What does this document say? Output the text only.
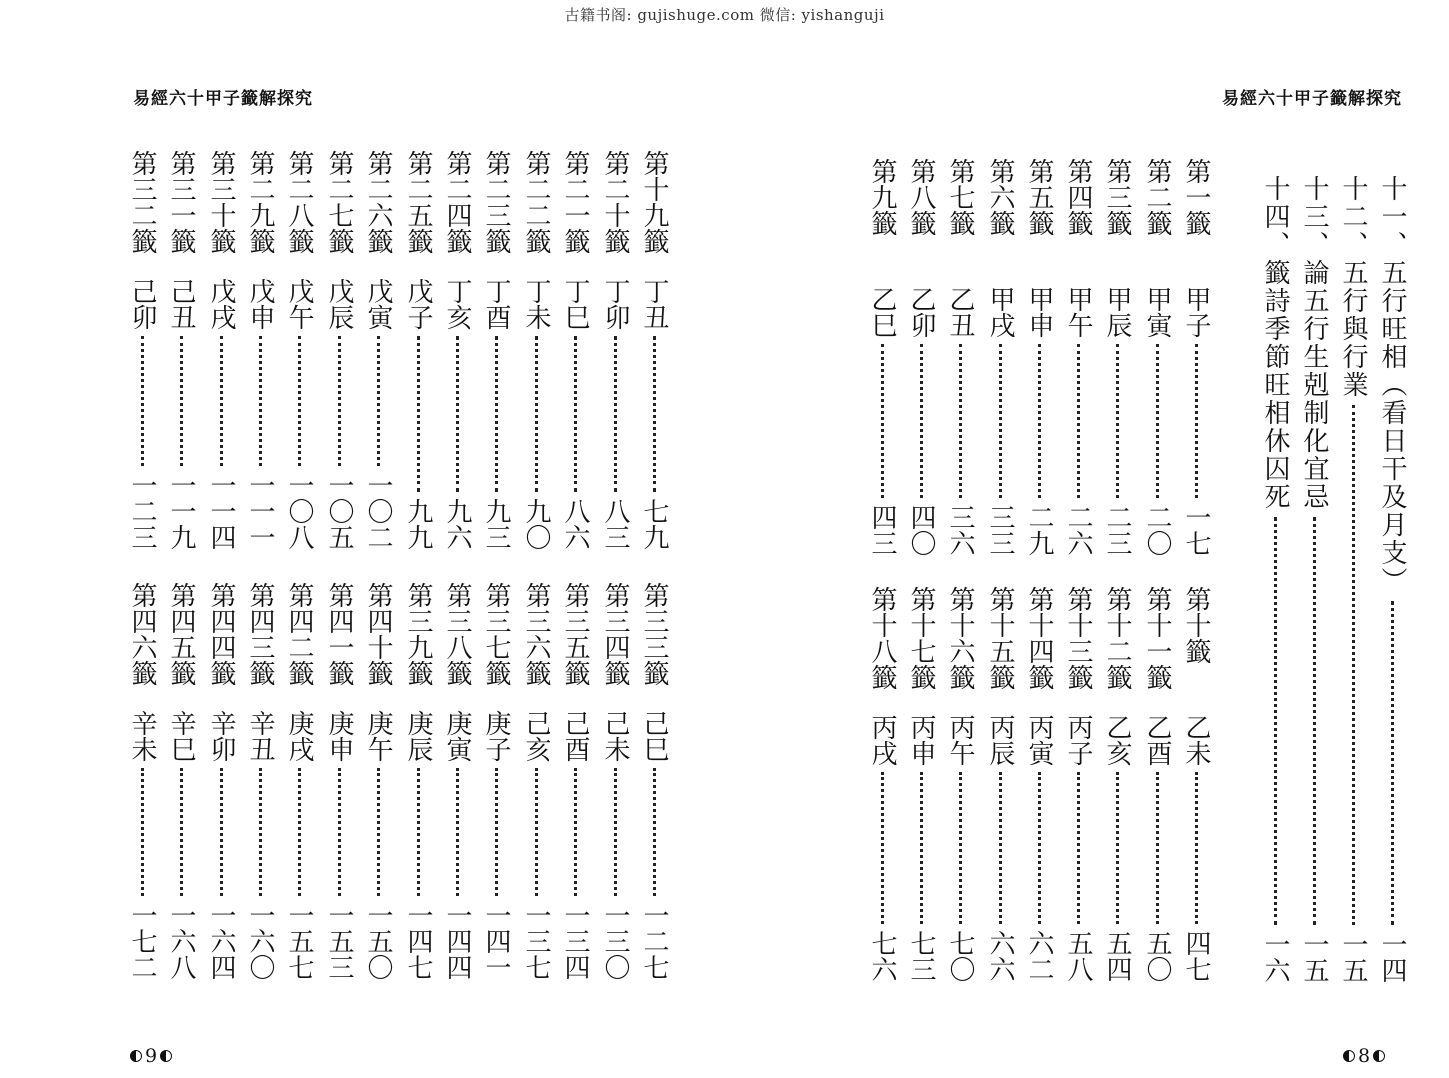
古籍书阁: gujishuge.com 微信: yishanguji
易經六十甲子籤解探究
9
第十九籤
丁丑
七九
第二十籤
丁卯
八三
第二一籤
丁巳
八六
第二二籤
丁未
九〇
第二三籤
丁酉
九三
第二四籤
丁亥
九六
第二五籤
戊子
九九
第二六籤
戊寅
一〇二
第二七籤
戊辰
一〇五
第二八籤
戊午
一〇八
第二九籤
戊申
一一一
第三十籤
戊戌
一一四
第三一籤
己丑
一一九
第三二籤
己卯
一二三
第三三籤
己巳
一二七
第三四籤
己未
一三〇
第三五籤
己酉
一三四
第三六籤
己亥
一三七
第三七籤
庚子
一四一
第三八籤
庚寅
一四四
第三九籤
庚辰
一四七
第四十籤
庚午
一五〇
第四一籤
庚申
一五三
第四二籤
庚戌
一五七
第四三籤
辛丑
一六〇
第四四籤
辛卯
一六四
第四五籤
辛巳
一六八
第四六籤
辛未
一七二
易經六十甲子籤解探究
8
十一、五行旺相（看日干及月支）
一四
十二、五行與行業
一五
十三、論五行生剋制化宜忌
一五
十四、籤詩季節旺相休囚死
一六
第一籤
甲子
一七
第二籤
甲寅
二〇
第三籤
甲辰
二三
第四籤
甲午
二六
第五籤
甲申
二九
第六籤
甲戌
三三
第七籤
乙丑
三六
第八籤
乙卯
四〇
第九籤
乙巳
四三
第十籤
乙未
四七
第十一籤
乙酉
五〇
第十二籤
乙亥
五四
第十三籤
丙子
五八
第十四籤
丙寅
六二
第十五籤
丙辰
六六
第十六籤
丙午
七〇
第十七籤
丙申
七三
第十八籤
丙戌
七六
